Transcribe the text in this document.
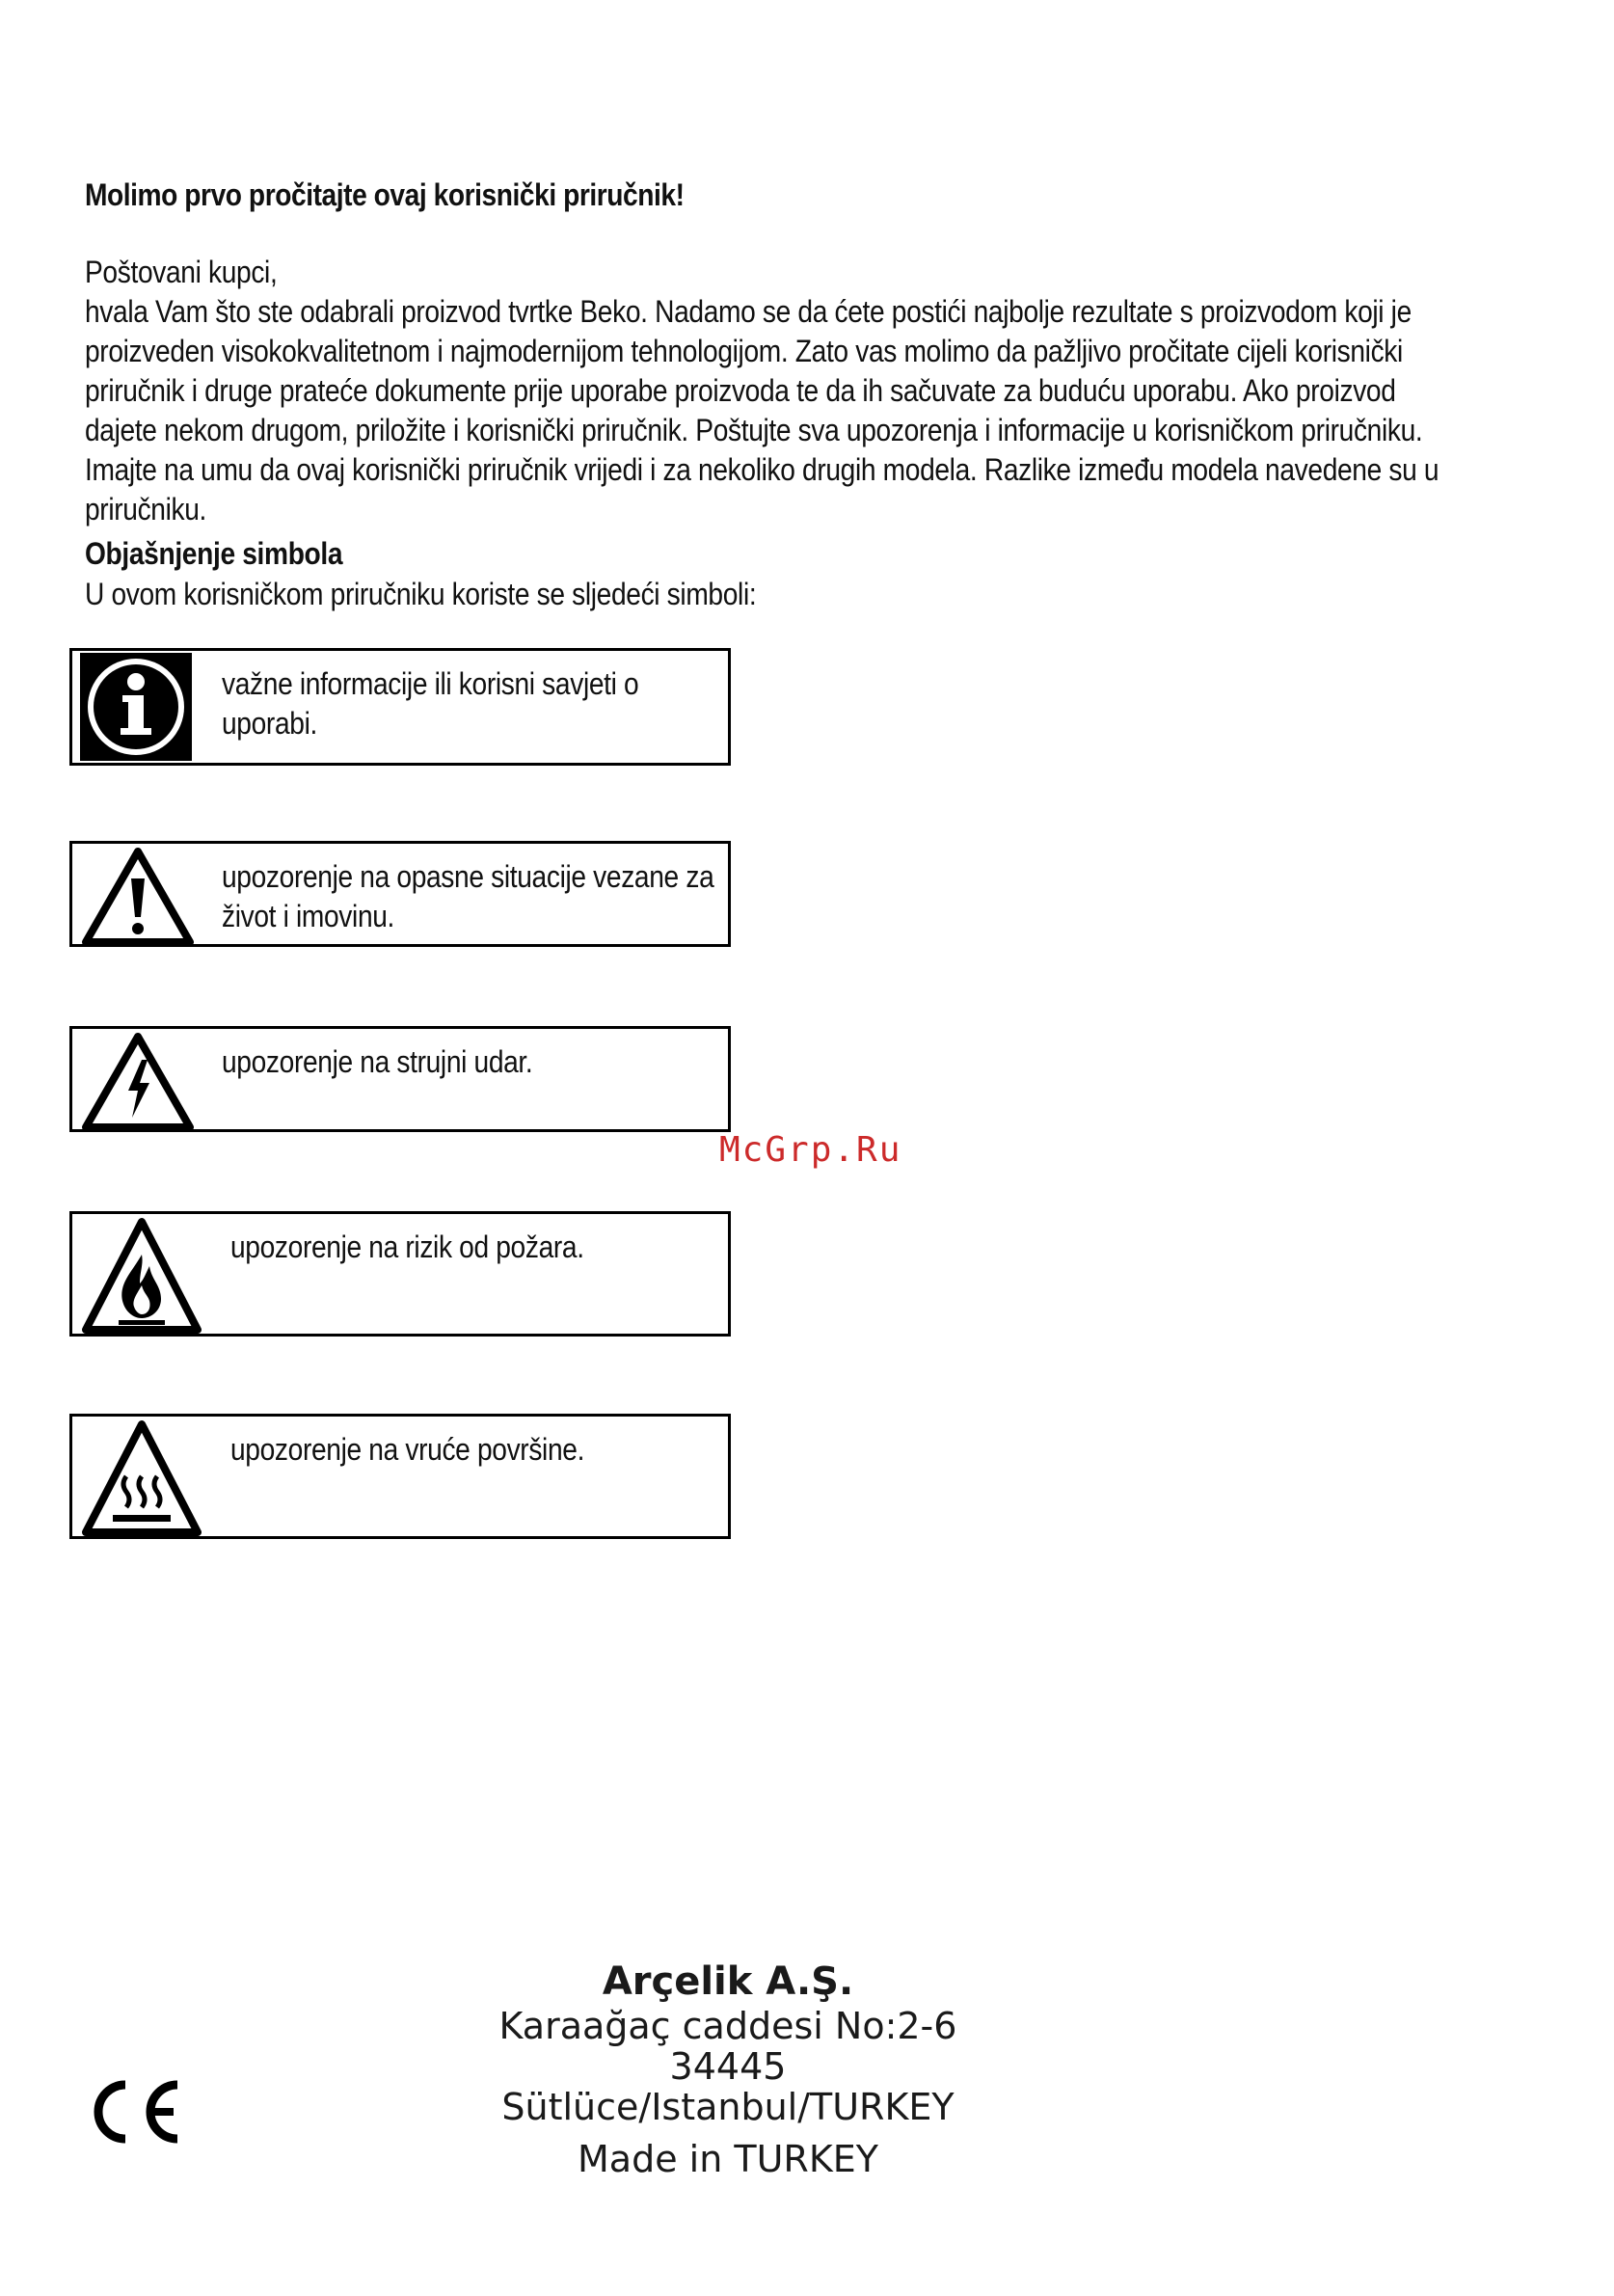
Molimo prvo pročitajte ovaj korisnički priručnik!

Poštovani kupci,

hvala Vam što ste odabrali proizvod tvrtke Beko. Nadamo se da ćete postići najbolje rezultate s proizvodom koji je proizveden visokokvalitetnom i najmodernijom tehnologijom. Zato vas molimo da pažljivo pročitate cijeli korisnički priručnik i druge prateće dokumente prije uporabe proizvoda te da ih sačuvate za buduću uporabu. Ako proizvod dajete nekom drugom, priložite i korisnički priručnik. Poštujte sva upozorenja i informacije u korisničkom priručniku. Imajte na umu da ovaj korisnički priručnik vrijedi i za nekoliko drugih modela. Razlike između modela navedene su u priručniku.

Objašnjenje simbola
U ovom korisničkom priručniku koriste se sljedeći simboli:
važne informacije ili korisni savjeti o uporabi.
upozorenje na opasne situacije vezane za život i imovinu.
upozorenje na strujni udar.
upozorenje na rizik od požara.
upozorenje na vruće površine.
McGrp.Ru
Arçelik A.Ş.
Karaağaç caddesi No:2-6
34445 Sütlüce/Istanbul/TURKEY
Made in TURKEY
